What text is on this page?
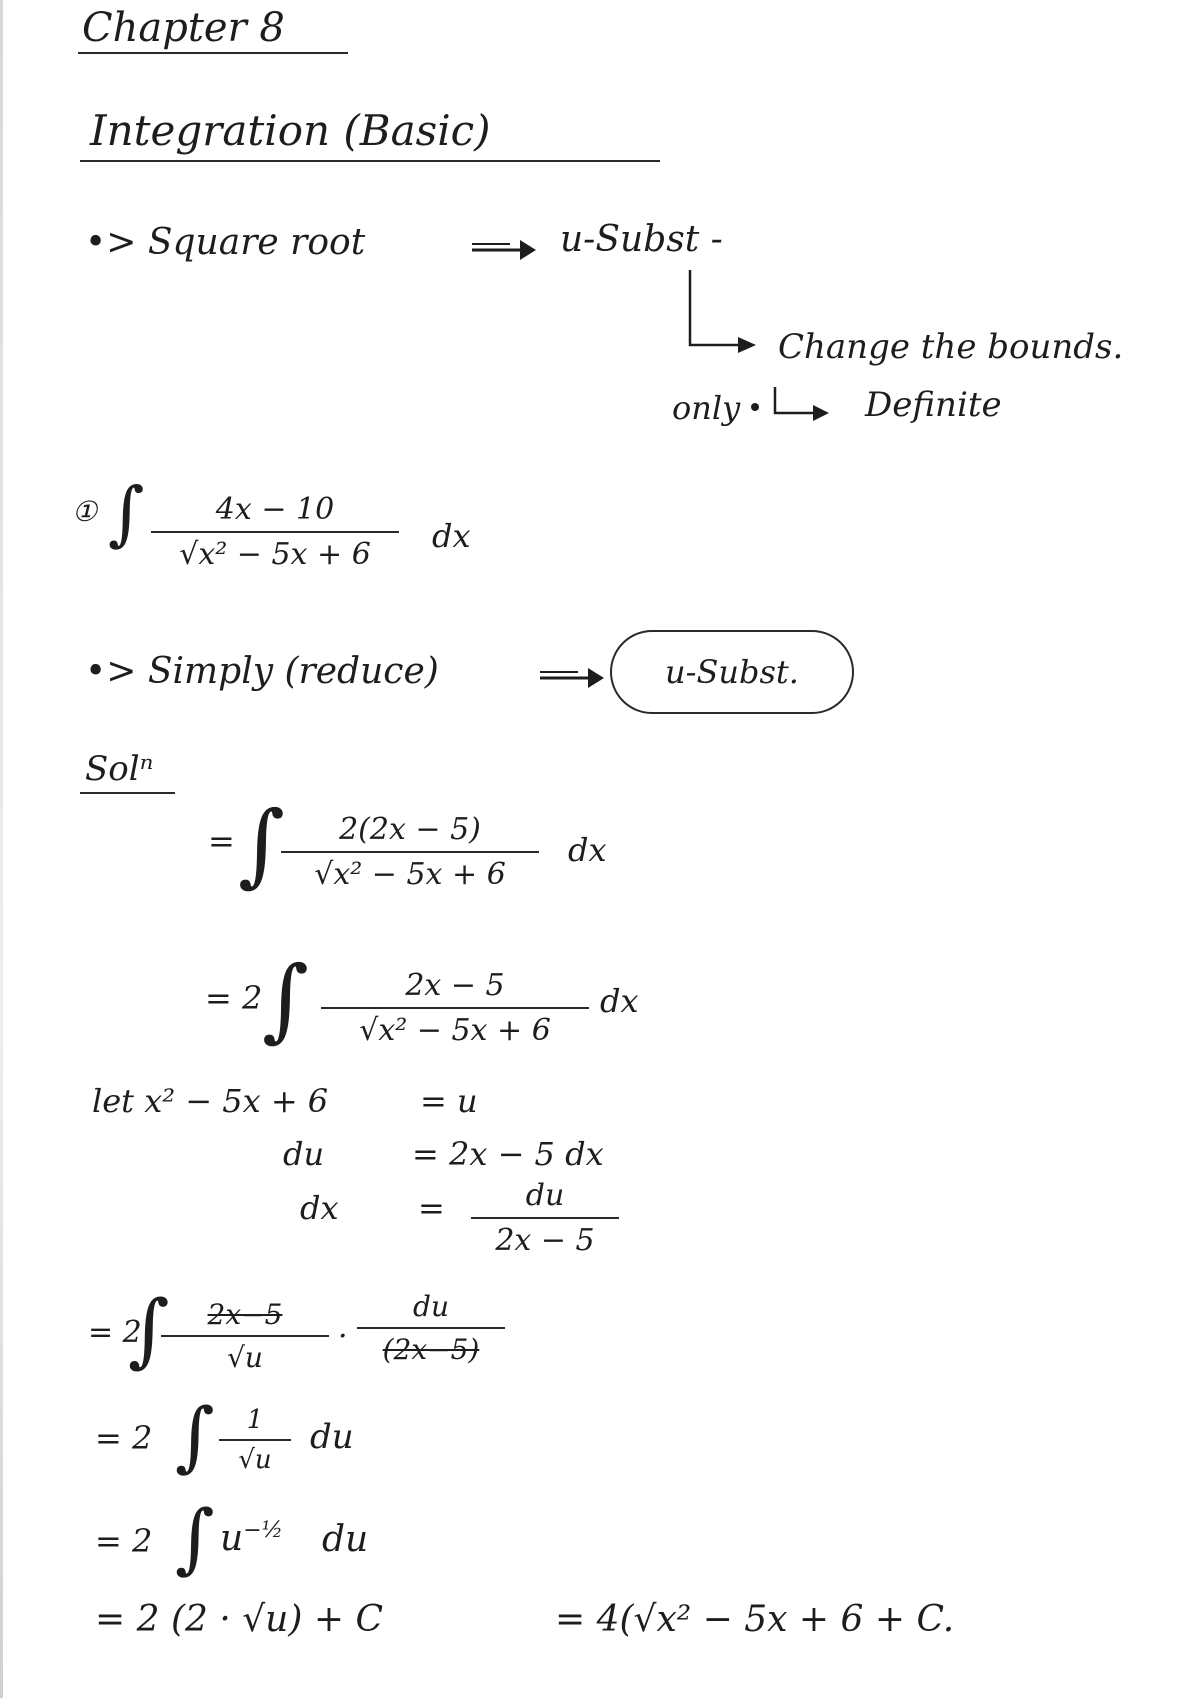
Chapter 8
Integration (Basic)
•> Square root	u-Subst -
Change the bounds.
only	Definite
① ∫ $\frac{4x - 10}{\text{√x² − 5x + 6}}$ dx
•> Simply (reduce)	u-Subst.
Solⁿ
= ∫
$\frac{2(2x - 5)}{\text{√x² − 5x + 6}}$ dx
= 2 ∫ $\frac{2x - 5}{\text{√x² − 5x + 6}}$ dx
let x² − 5x + 6	= u
du	= 2x − 5 dx
dx = $\frac{du}{2x - 5}$
= 2
∫
$\frac{2x-5}{√u} \cdot \frac{du}{(2x-5)}$
= 2 ∫ $\frac{1}{√u}$ du
= 2 ∫ $u^{-\frac{1}{2}}$ du
= 2 (2 · √u) + C	= 4(√x² − 5x + 6 + C.
